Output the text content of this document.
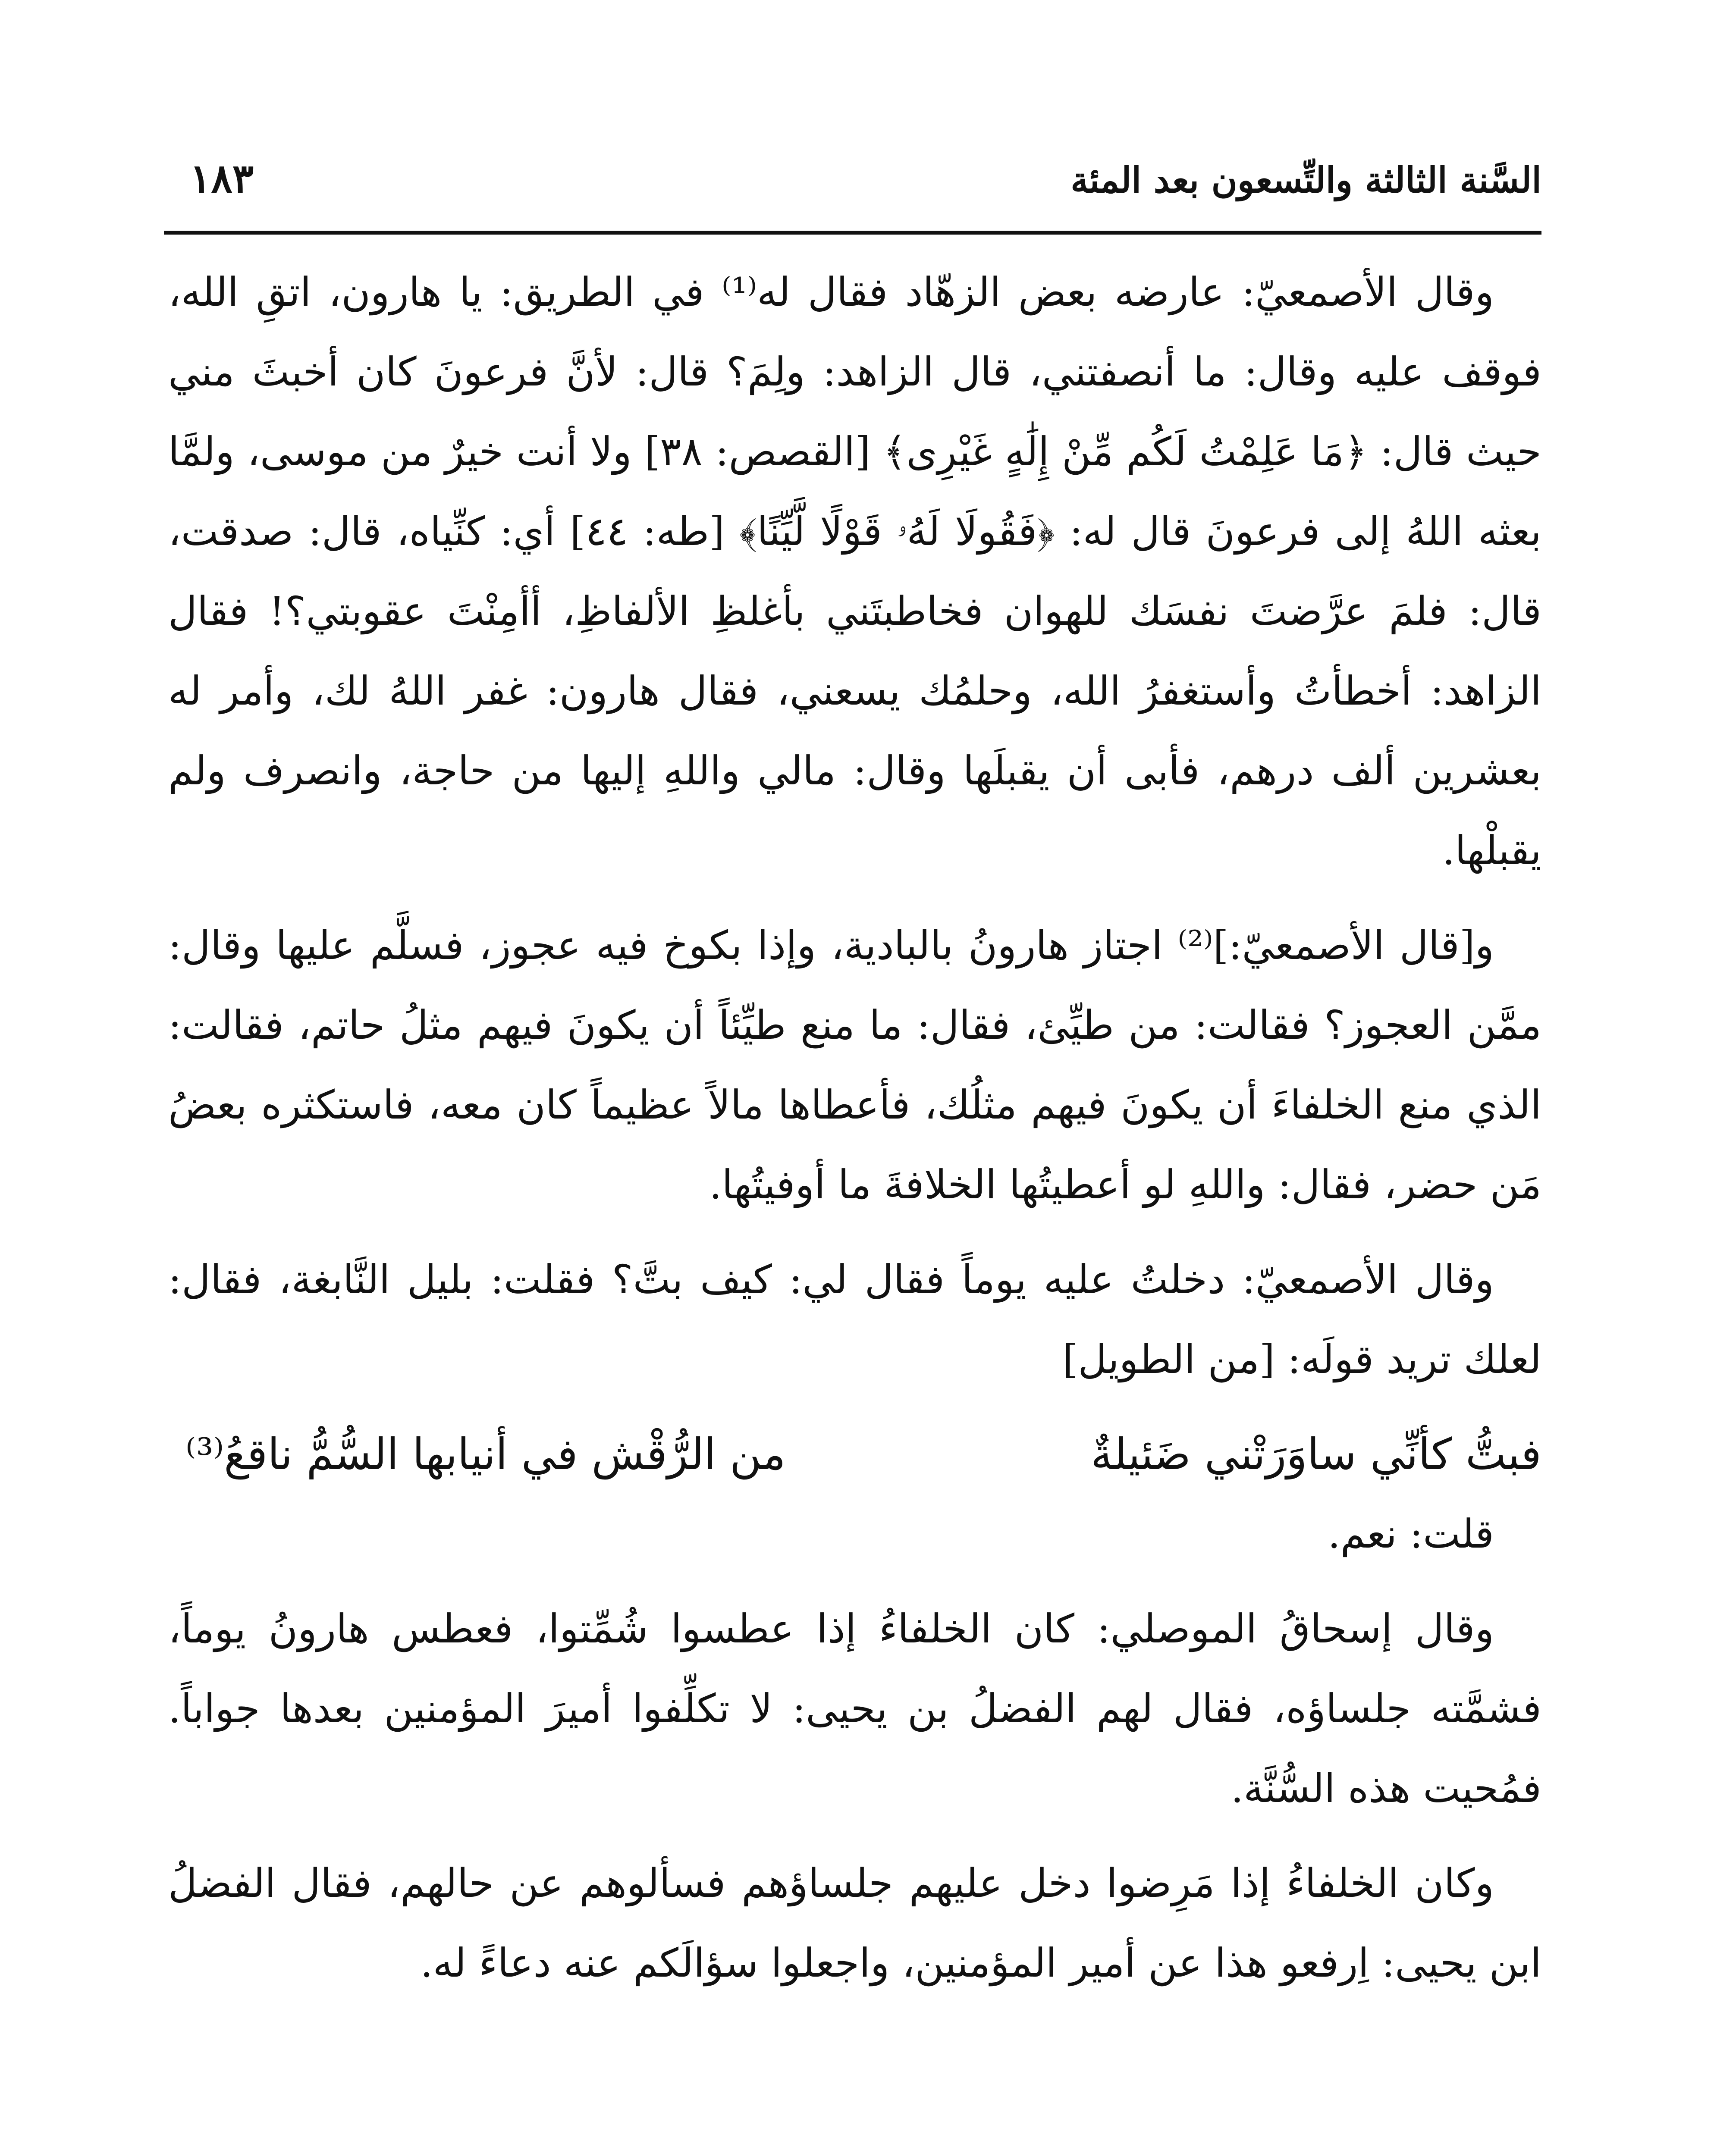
السَّنة الثالثة والتِّسعون بعد المئة
١٨٣

وقال الأصمعيّ: عارضه بعض الزهّاد فقال له⁽¹⁾ في الطريق: يا هارون، اتقِ الله، فوقف عليه وقال: ما أنصفتني، قال الزاهد: ولِمَ؟ قال: لأنَّ فرعونَ كان أخبثَ مني حيث قال: ﴿مَا عَلِمْتُ لَكُم مِّنْ إِلَٰهٍ غَيْرِى﴾ [القصص: ٣٨] ولا أنت خيرٌ من موسى، ولمَّا بعثه اللهُ إلى فرعونَ قال له: ﴿فَقُولَا لَهُۥ قَوْلًا لَّيِّنًا﴾ [طه: ٤٤] أي: كنِّياه، قال: صدقت، قال: فلمَ عرَّضتَ نفسَك للهوان فخاطبتَني بأغلظِ الألفاظِ، أأمِنْتَ عقوبتي؟! فقال الزاهد: أخطأتُ وأستغفرُ الله، وحلمُك يسعني، فقال هارون: غفر اللهُ لك، وأمر له بعشرين ألف درهم، فأبى أن يقبلَها وقال: مالي واللهِ إليها من حاجة، وانصرف ولم يقبلْها.

و[قال الأصمعيّ:]⁽²⁾ اجتاز هارونُ بالبادية، وإذا بكوخ فيه عجوز، فسلَّم عليها وقال: ممَّن العجوز؟ فقالت: من طيِّئ، فقال: ما منع طيِّئاً أن يكونَ فيهم مثلُ حاتم، فقالت: الذي منع الخلفاءَ أن يكونَ فيهم مثلُك، فأعطاها مالاً عظيماً كان معه، فاستكثره بعضُ مَن حضر، فقال: واللهِ لو أعطيتُها الخلافةَ ما أوفيتُها.

وقال الأصمعيّ: دخلتُ عليه يوماً فقال لي: كيف بتَّ؟ فقلت: بليل النَّابغة، فقال: لعلك تريد قولَه: [من الطويل]

فبتُّ كأنِّي ساوَرَتْني ضَئيلةٌ
من الرُّقْش في أنيابها السُّمُّ ناقعُ⁽³⁾

قلت: نعم.

وقال إسحاقُ الموصلي: كان الخلفاءُ إذا عطسوا شُمِّتوا، فعطس هارونُ يوماً، فشمَّته جلساؤه، فقال لهم الفضلُ بن يحيى: لا تكلِّفوا أميرَ المؤمنين بعدها جواباً. فمُحيت هذه السُّنَّة.

وكان الخلفاءُ إذا مَرِضوا دخل عليهم جلساؤهم فسألوهم عن حالهم، فقال الفضلُ ابن يحيى: اِرفعو هذا عن أمير المؤمنين، واجعلوا سؤالَكم عنه دعاءً له.
